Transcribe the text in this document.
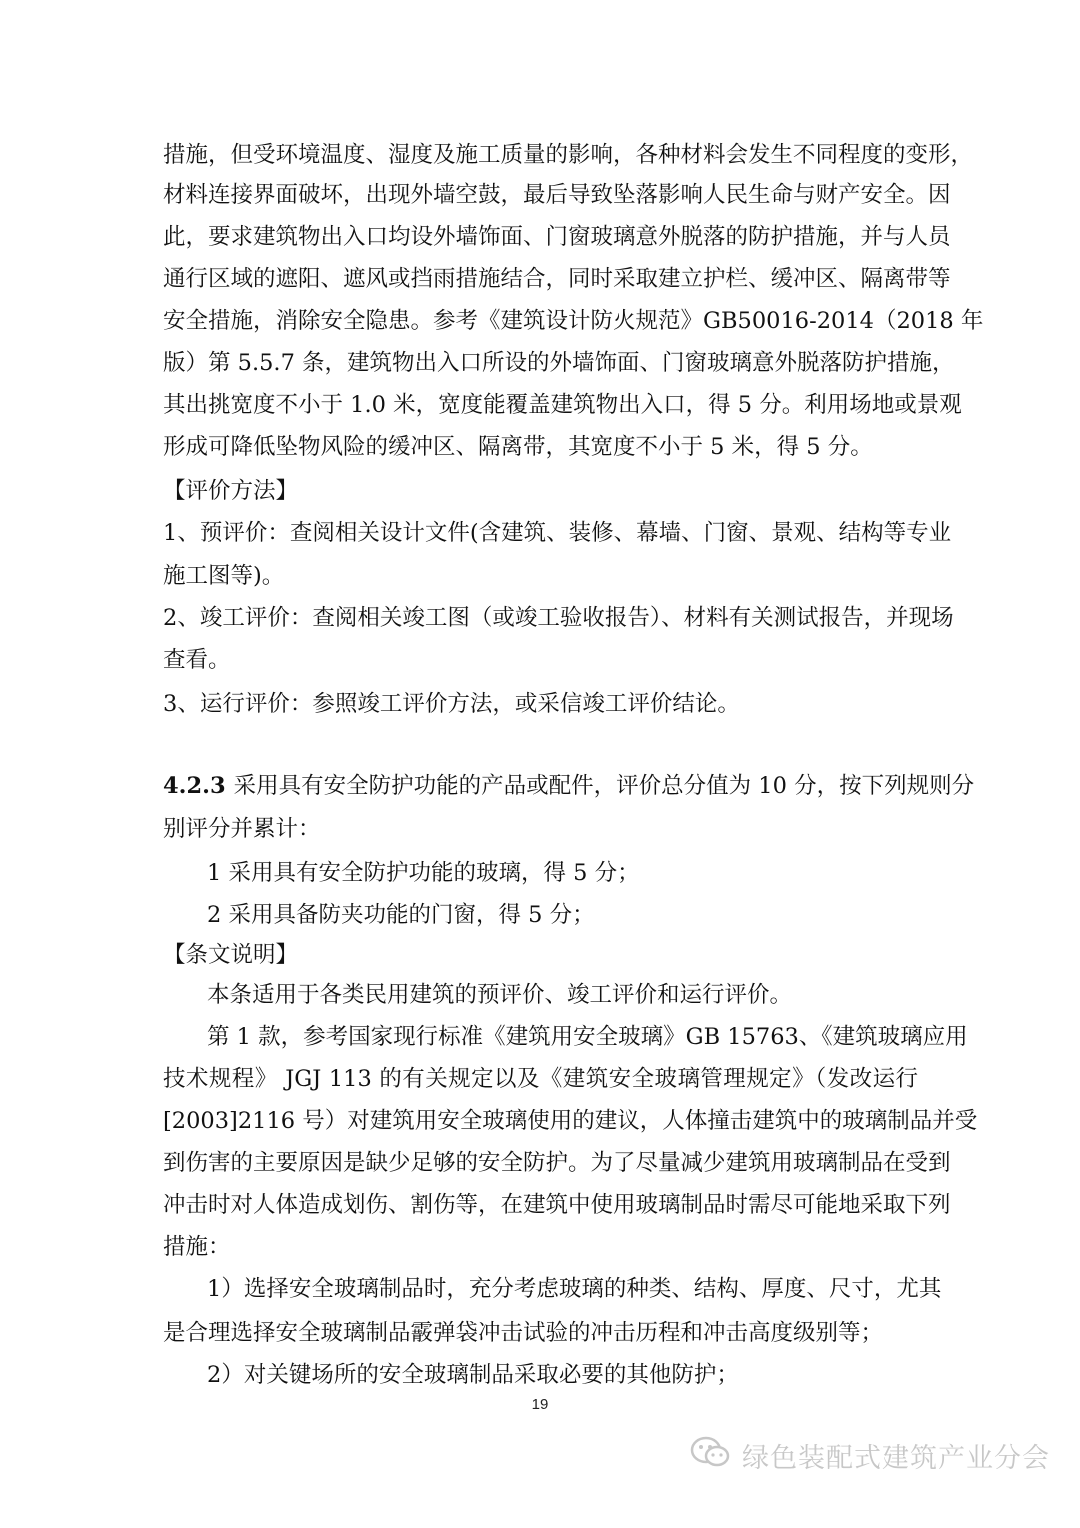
措施，但受环境温度、湿度及施工质量的影响，各种材料会发生不同程度的变形，

材料连接界面破坏，出现外墙空鼓，最后导致坠落影响人民生命与财产安全。因

此，要求建筑物出入口均设外墙饰面、门窗玻璃意外脱落的防护措施，并与人员

通行区域的遮阳、遮风或挡雨措施结合，同时采取建立护栏、缓冲区、隔离带等

安全措施，消除安全隐患。参考《建筑设计防火规范》GB50016-2014（2018 年

版）第 5.5.7 条，建筑物出入口所设的外墙饰面、门窗玻璃意外脱落防护措施，

其出挑宽度不小于 1.0 米，宽度能覆盖建筑物出入口，得 5 分。利用场地或景观

形成可降低坠物风险的缓冲区、隔离带，其宽度不小于 5 米，得 5 分。

【评价方法】

1、预评价：查阅相关设计文件(含建筑、装修、幕墙、门窗、景观、结构等专业

施工图等)。

2、竣工评价：查阅相关竣工图（或竣工验收报告）、材料有关测试报告，并现场

查看。

3、运行评价：参照竣工评价方法，或采信竣工评价结论。

4.2.3 采用具有安全防护功能的产品或配件，评价总分值为 10 分，按下列规则分

别评分并累计：

1 采用具有安全防护功能的玻璃，得 5 分；

2 采用具备防夹功能的门窗，得 5 分；

【条文说明】

本条适用于各类民用建筑的预评价、竣工评价和运行评价。

第 1 款，参考国家现行标准《建筑用安全玻璃》GB 15763、《建筑玻璃应用

技术规程》 JGJ 113 的有关规定以及《建筑安全玻璃管理规定》（发改运行

[2003]2116 号）对建筑用安全玻璃使用的建议，人体撞击建筑中的玻璃制品并受

到伤害的主要原因是缺少足够的安全防护。为了尽量减少建筑用玻璃制品在受到

冲击时对人体造成划伤、割伤等，在建筑中使用玻璃制品时需尽可能地采取下列

措施：

1）选择安全玻璃制品时，充分考虑玻璃的种类、结构、厚度、尺寸，尤其

是合理选择安全玻璃制品霰弹袋冲击试验的冲击历程和冲击高度级别等；

2）对关键场所的安全玻璃制品采取必要的其他防护；

19
绿色装配式建筑产业分会
